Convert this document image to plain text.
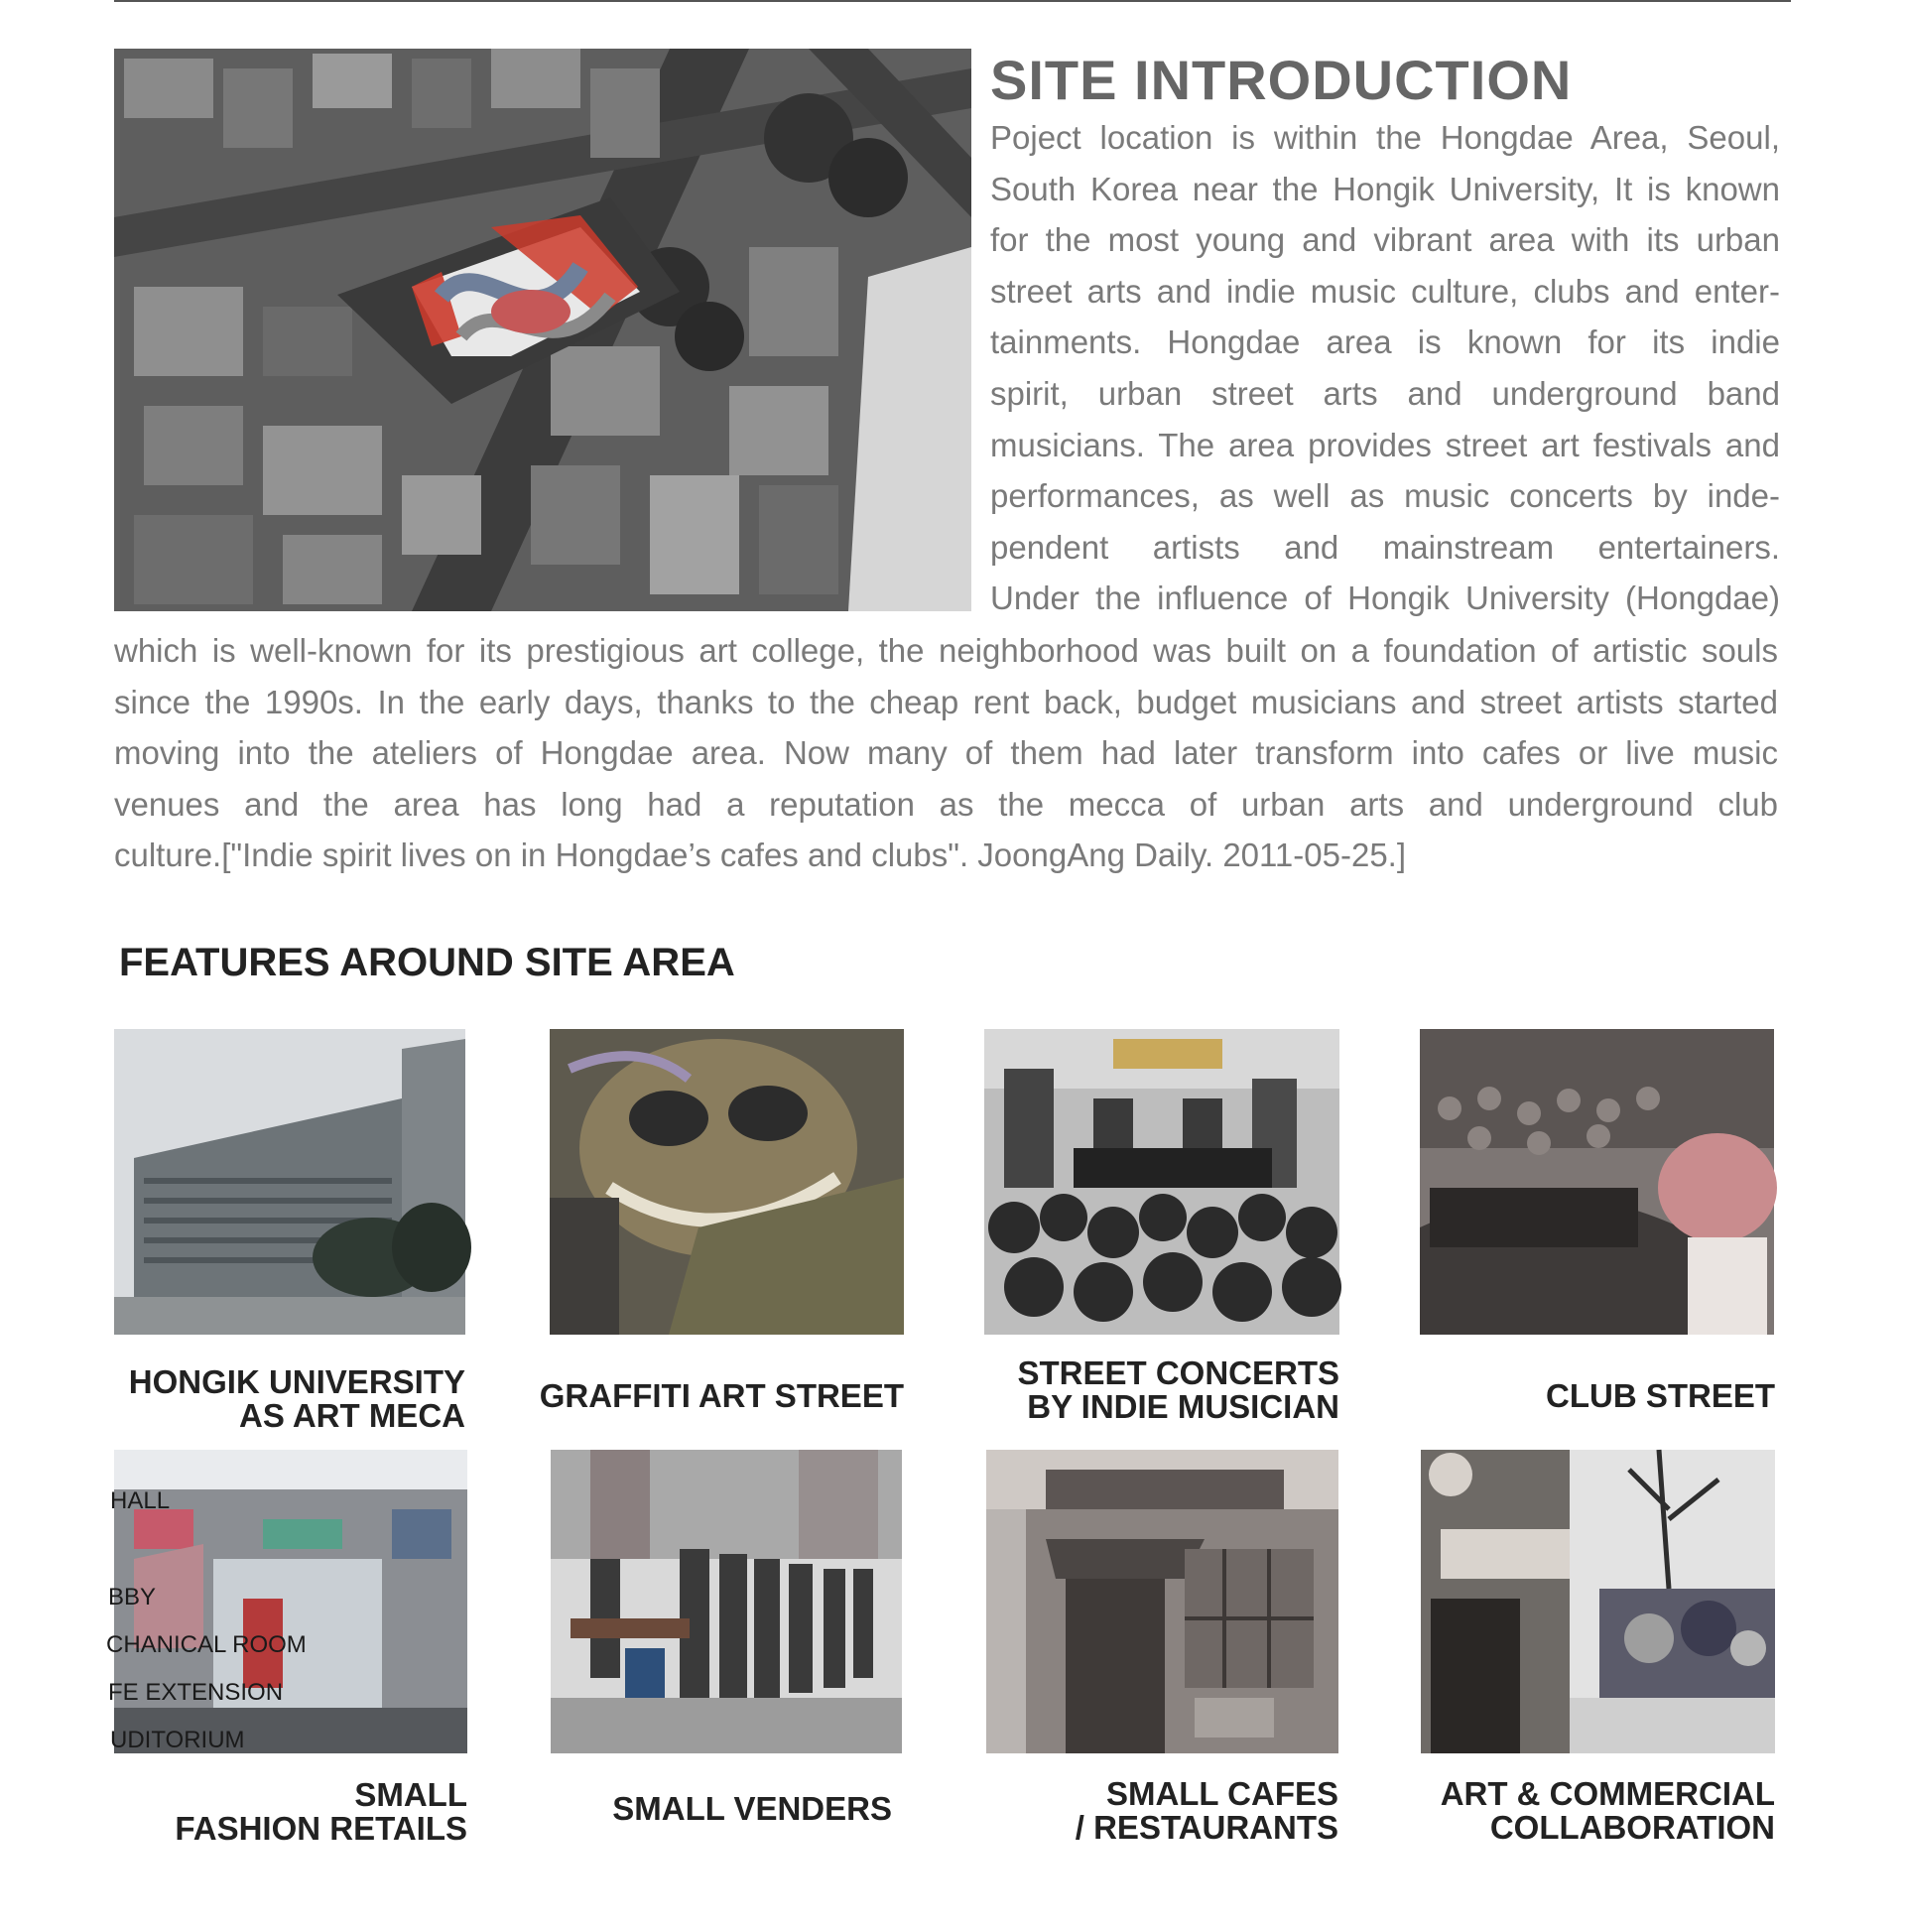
SITE INTRODUCTION
Poject location is within the Hongdae Area, Seoul,
South Korea near the Hongik University, It is known
for the most young and vibrant area with its urban
street arts and indie music culture, clubs and enter-
tainments. Hongdae area is known for its indie
spirit, urban street arts and underground band
musicians. The area provides street art festivals and
performances, as well as music concerts by inde-
pendent artists and mainstream entertainers.
Under the influence of Hongik University (Hongdae)
which is well-known for its prestigious art college, the neighborhood was built on a foundation of artistic souls
since the 1990s. In the early days, thanks to the cheap rent back, budget musicians and street artists started
moving into the ateliers of Hongdae area. Now many of them had later transform into cafes or live music
venues and the area has long had a reputation as the mecca of urban arts and underground club
culture.["Indie spirit lives on in Hongdae’s cafes and clubs". JoongAng Daily. 2011-05-25.]
FEATURES AROUND SITE AREA
HONGIK UNIVERSITY
AS ART MECA
GRAFFITI ART STREET
STREET CONCERTS
BY INDIE MUSICIAN	CLUB STREET
HALL
BBY
CHANICAL ROOM
FE EXTENSION
UDITORIUM
SMALL
FASHION RETAILS
SMALL VENDERS	SMALL CAFES
/ RESTAURANTS
ART & COMMERCIAL
COLLABORATION
